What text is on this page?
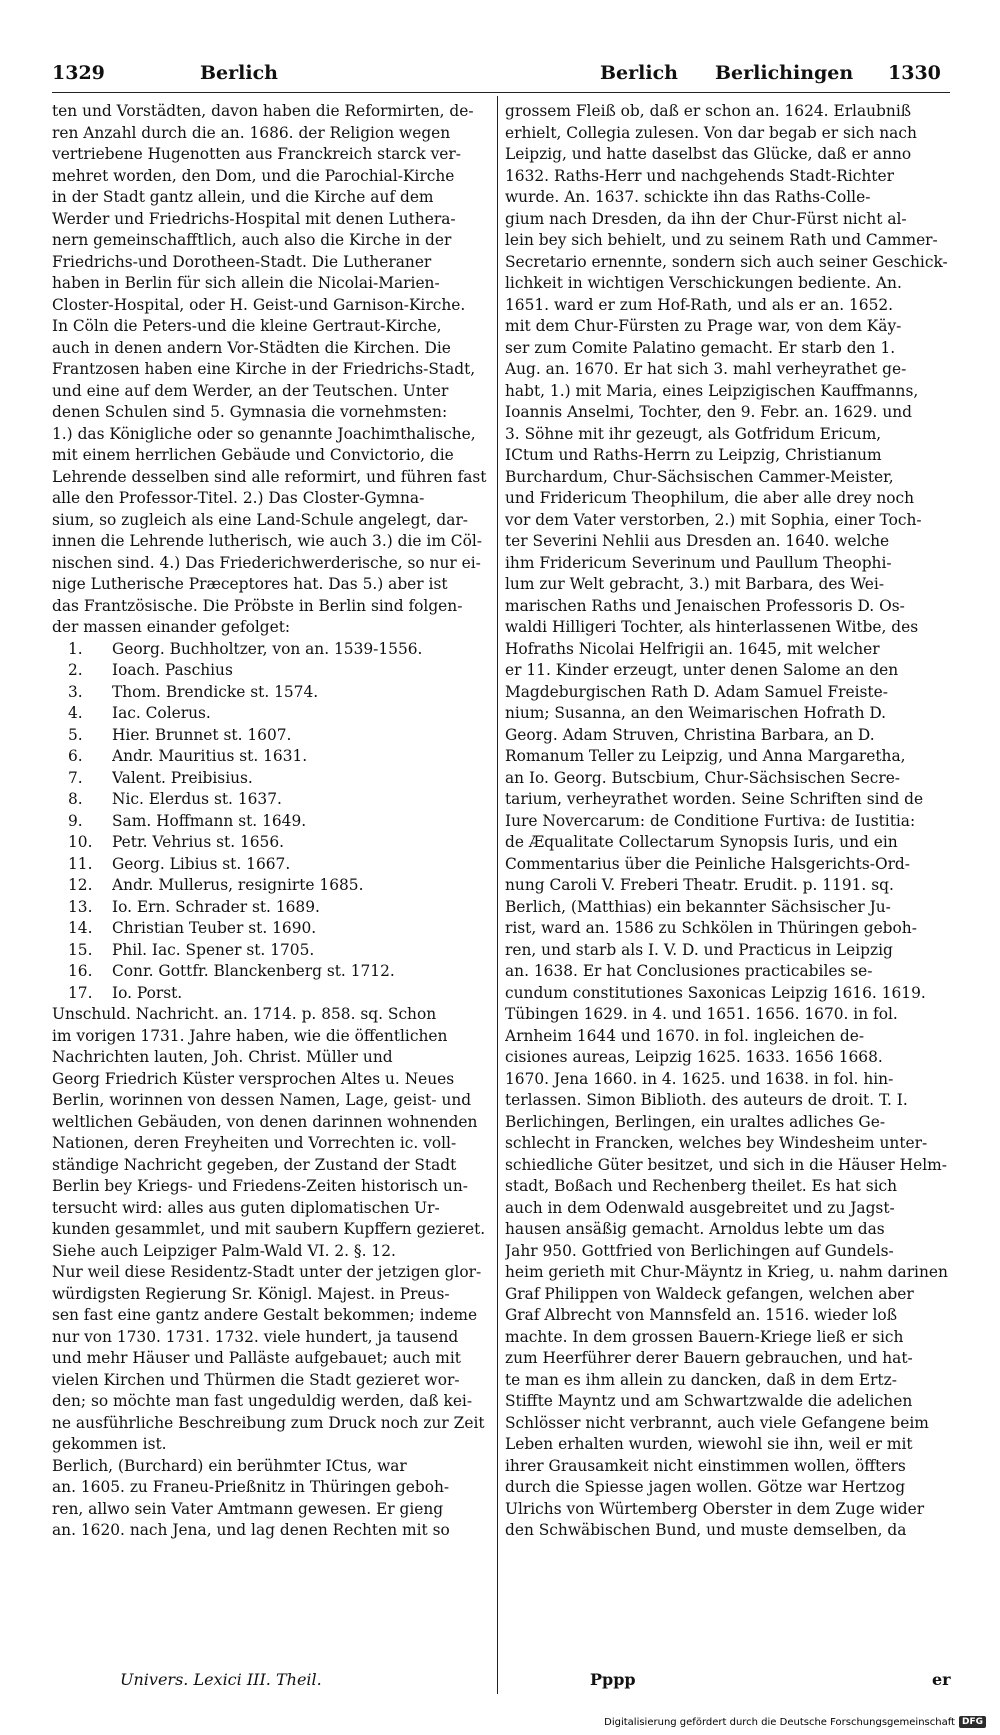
1329	Berlich	Berlich Berlichingen 1330
ten und Vorstädten, davon haben die Reformirten, de-
ren Anzahl durch die an. 1686. der Religion wegen
vertriebene Hugenotten aus Franckreich starck ver-
mehret worden, den Dom, und die Parochial-Kirche
in der Stadt gantz allein, und die Kirche auf dem
Werder und Friedrichs-Hospital mit denen Luthera-
nern gemeinschafftlich, auch also die Kirche in der
Friedrichs-und Dorotheen-Stadt. Die Lutheraner
haben in Berlin für sich allein die Nicolai-Marien-
Closter-Hospital, oder H. Geist-und Garnison-Kirche.
In Cöln die Peters-und die kleine Gertraut-Kirche,
auch in denen andern Vor-Städten die Kirchen. Die
Frantzosen haben eine Kirche in der Friedrichs-Stadt,
und eine auf dem Werder, an der Teutschen. Unter
denen Schulen sind 5. Gymnasia die vornehmsten:
1.) das Königliche oder so genannte Joachimthalische,
mit einem herrlichen Gebäude und Convictorio, die
Lehrende desselben sind alle reformirt, und führen fast
alle den Professor-Titel. 2.) Das Closter-Gymna-
sium, so zugleich als eine Land-Schule angelegt, dar-
innen die Lehrende lutherisch, wie auch 3.) die im Cöl-
nischen sind. 4.) Das Friederichwerderische, so nur ei-
nige Lutherische Præceptores hat. Das 5.) aber ist
das Frantzösische. Die Pröbste in Berlin sind folgen-
der massen einander gefolget:
1.	Georg. Buchholtzer, von an. 1539-1556.
2.	Ioach. Paschius
3.	Thom. Brendicke st. 1574.
4.	Iac. Colerus.
5.	Hier. Brunnet st. 1607.
6.	Andr. Mauritius st. 1631.
7.	Valent. Preibisius.
8.	Nic. Elerdus st. 1637.
9.	Sam. Hoffmann st. 1649.
10.	Petr. Vehrius st. 1656.
11.	Georg. Libius st. 1667.
12.	Andr. Mullerus, resignirte 1685.
13.	Io. Ern. Schrader st. 1689.
14.	Christian Teuber st. 1690.
15.	Phil. Iac. Spener st. 1705.
16.	Conr. Gottfr. Blanckenberg st. 1712.
17.	Io. Porst.
Unschuld. Nachricht. an. 1714. p. 858. sq. Schon
im vorigen 1731. Jahre haben, wie die öffentlichen
Nachrichten lauten, Joh. Christ. Müller und
Georg Friedrich Küster versprochen Altes u. Neues
Berlin, worinnen von dessen Namen, Lage, geist- und
weltlichen Gebäuden, von denen darinnen wohnenden
Nationen, deren Freyheiten und Vorrechten ic. voll-
ständige Nachricht gegeben, der Zustand der Stadt
Berlin bey Kriegs- und Friedens-Zeiten historisch un-
tersucht wird: alles aus guten diplomatischen Ur-
kunden gesammlet, und mit saubern Kupffern gezieret.
Siehe auch Leipziger Palm-Wald VI. 2. §. 12.
Nur weil diese Residentz-Stadt unter der jetzigen glor-
würdigsten Regierung Sr. Königl. Majest. in Preus-
sen fast eine gantz andere Gestalt bekommen; indeme
nur von 1730. 1731. 1732. viele hundert, ja tausend
und mehr Häuser und Palläste aufgebauet; auch mit
vielen Kirchen und Thürmen die Stadt gezieret wor-
den; so möchte man fast ungeduldig werden, daß kei-
ne ausführliche Beschreibung zum Druck noch zur Zeit
gekommen ist.
Berlich, (Burchard) ein berühmter ICtus, war
an. 1605. zu Franeu-Prießnitz in Thüringen geboh-
ren, allwo sein Vater Amtmann gewesen. Er gieng
an. 1620. nach Jena, und lag denen Rechten mit so
grossem Fleiß ob, daß er schon an. 1624. Erlaubniß
erhielt, Collegia zulesen. Von dar begab er sich nach
Leipzig, und hatte daselbst das Glücke, daß er anno
1632. Raths-Herr und nachgehends Stadt-Richter
wurde. An. 1637. schickte ihn das Raths-Colle-
gium nach Dresden, da ihn der Chur-Fürst nicht al-
lein bey sich behielt, und zu seinem Rath und Cammer-
Secretario ernennte, sondern sich auch seiner Geschick-
lichkeit in wichtigen Verschickungen bediente. An.
1651. ward er zum Hof-Rath, und als er an. 1652.
mit dem Chur-Fürsten zu Prage war, von dem Käy-
ser zum Comite Palatino gemacht. Er starb den 1.
Aug. an. 1670. Er hat sich 3. mahl verheyrathet ge-
habt, 1.) mit Maria, eines Leipzigischen Kauffmanns,
Ioannis Anselmi, Tochter, den 9. Febr. an. 1629. und
3. Söhne mit ihr gezeugt, als Gotfridum Ericum,
ICtum und Raths-Herrn zu Leipzig, Christianum
Burchardum, Chur-Sächsischen Cammer-Meister,
und Fridericum Theophilum, die aber alle drey noch
vor dem Vater verstorben, 2.) mit Sophia, einer Toch-
ter Severini Nehlii aus Dresden an. 1640. welche
ihm Fridericum Severinum und Paullum Theophi-
lum zur Welt gebracht, 3.) mit Barbara, des Wei-
marischen Raths und Jenaischen Professoris D. Os-
waldi Hilligeri Tochter, als hinterlassenen Witbe, des
Hofraths Nicolai Helfrigii an. 1645, mit welcher
er 11. Kinder erzeugt, unter denen Salome an den
Magdeburgischen Rath D. Adam Samuel Freiste-
nium; Susanna, an den Weimarischen Hofrath D.
Georg. Adam Struven, Christina Barbara, an D.
Romanum Teller zu Leipzig, und Anna Margaretha,
an Io. Georg. Butscbium, Chur-Sächsischen Secre-
tarium, verheyrathet worden. Seine Schriften sind de
Iure Novercarum: de Conditione Furtiva: de Iustitia:
de Æqualitate Collectarum Synopsis Iuris, und ein
Commentarius über die Peinliche Halsgerichts-Ord-
nung Caroli V. Freberi Theatr. Erudit. p. 1191. sq.
Berlich, (Matthias) ein bekannter Sächsischer Ju-
rist, ward an. 1586 zu Schkölen in Thüringen geboh-
ren, und starb als I. V. D. und Practicus in Leipzig
an. 1638. Er hat Conclusiones practicabiles se-
cundum constitutiones Saxonicas Leipzig 1616. 1619.
Tübingen 1629. in 4. und 1651. 1656. 1670. in fol.
Arnheim 1644 und 1670. in fol. ingleichen de-
cisiones aureas, Leipzig 1625. 1633. 1656 1668.
1670. Jena 1660. in 4. 1625. und 1638. in fol. hin-
terlassen. Simon Biblioth. des auteurs de droit. T. I.
Berlichingen, Berlingen, ein uraltes adliches Ge-
schlecht in Francken, welches bey Windesheim unter-
schiedliche Güter besitzet, und sich in die Häuser Helm-
stadt, Boßach und Rechenberg theilet. Es hat sich
auch in dem Odenwald ausgebreitet und zu Jagst-
hausen ansäßig gemacht. Arnoldus lebte um das
Jahr 950. Gottfried von Berlichingen auf Gundels-
heim gerieth mit Chur-Mäyntz in Krieg, u. nahm darinen
Graf Philippen von Waldeck gefangen, welchen aber
Graf Albrecht von Mannsfeld an. 1516. wieder loß
machte. In dem grossen Bauern-Kriege ließ er sich
zum Heerführer derer Bauern gebrauchen, und hat-
te man es ihm allein zu dancken, daß in dem Ertz-
Stiffte Mayntz und am Schwartzwalde die adelichen
Schlösser nicht verbrannt, auch viele Gefangene beim
Leben erhalten wurden, wiewohl sie ihn, weil er mit
ihrer Grausamkeit nicht einstimmen wollen, öffters
durch die Spiesse jagen wollen. Götze war Hertzog
Ulrichs von Würtemberg Oberster in dem Zuge wider
den Schwäbischen Bund, und muste demselben, da
Univers. Lexici III. Theil.	Pppp	er
Digitalisierung gefördert durch die Deutsche Forschungsgemeinschaft DFG
